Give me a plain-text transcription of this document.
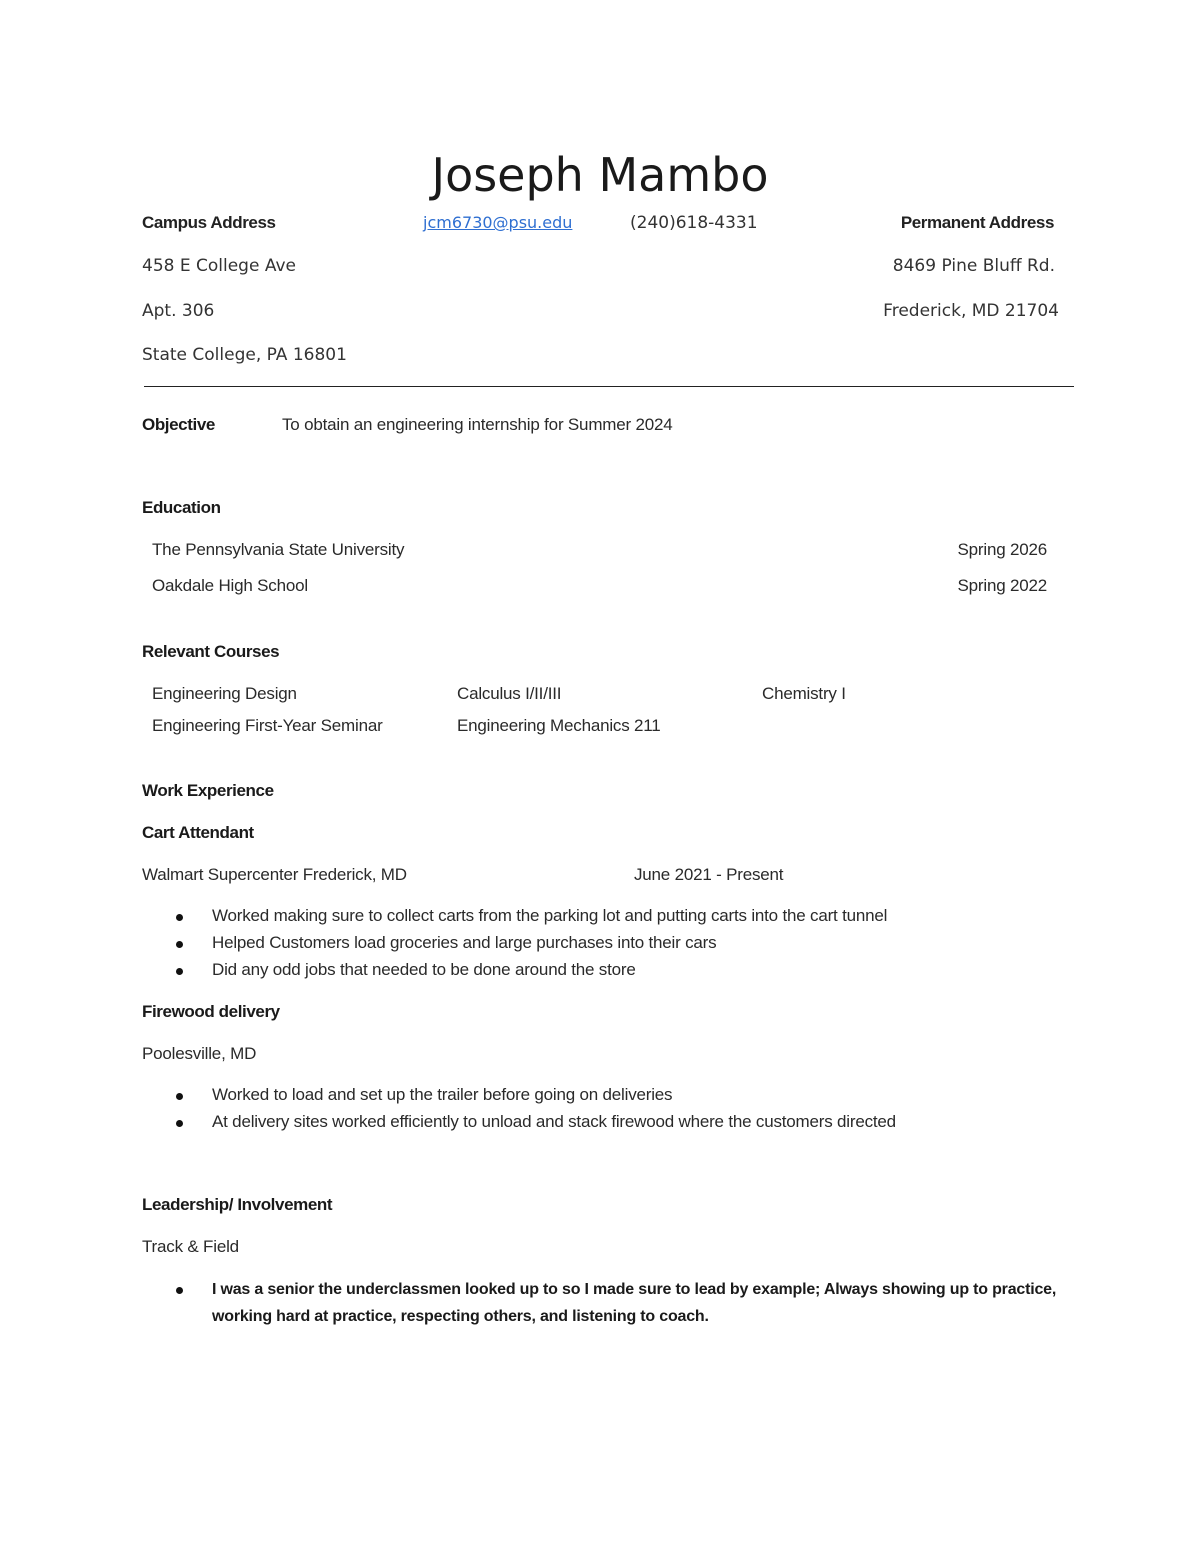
Joseph Mambo
Campus Address	jcm6730@psu.edu	(240)618-4331	Permanent Address
458 E College Ave	8469 Pine Bluff Rd.
Apt. 306	Frederick, MD 21704
State College, PA 16801
Objective	To obtain an engineering internship for Summer 2024
Education
The Pennsylvania State University	Spring 2026
Oakdale High School	Spring 2022
Relevant Courses
Engineering Design	Calculus I/II/III	Chemistry I
Engineering First-Year Seminar	Engineering Mechanics 211
Work Experience
Cart Attendant
Walmart Supercenter Frederick, MD	June 2021 - Present
Worked making sure to collect carts from the parking lot and putting carts into the cart tunnel
Helped Customers load groceries and large purchases into their cars
Did any odd jobs that needed to be done around the store
Firewood delivery
Poolesville, MD
Worked to load and set up the trailer before going on deliveries
At delivery sites worked efficiently to unload and stack firewood where the customers directed
Leadership/ Involvement
Track & Field
I was a senior the underclassmen looked up to so I made sure to lead by example; Always showing up to practice, working hard at practice, respecting others, and listening to coach.
